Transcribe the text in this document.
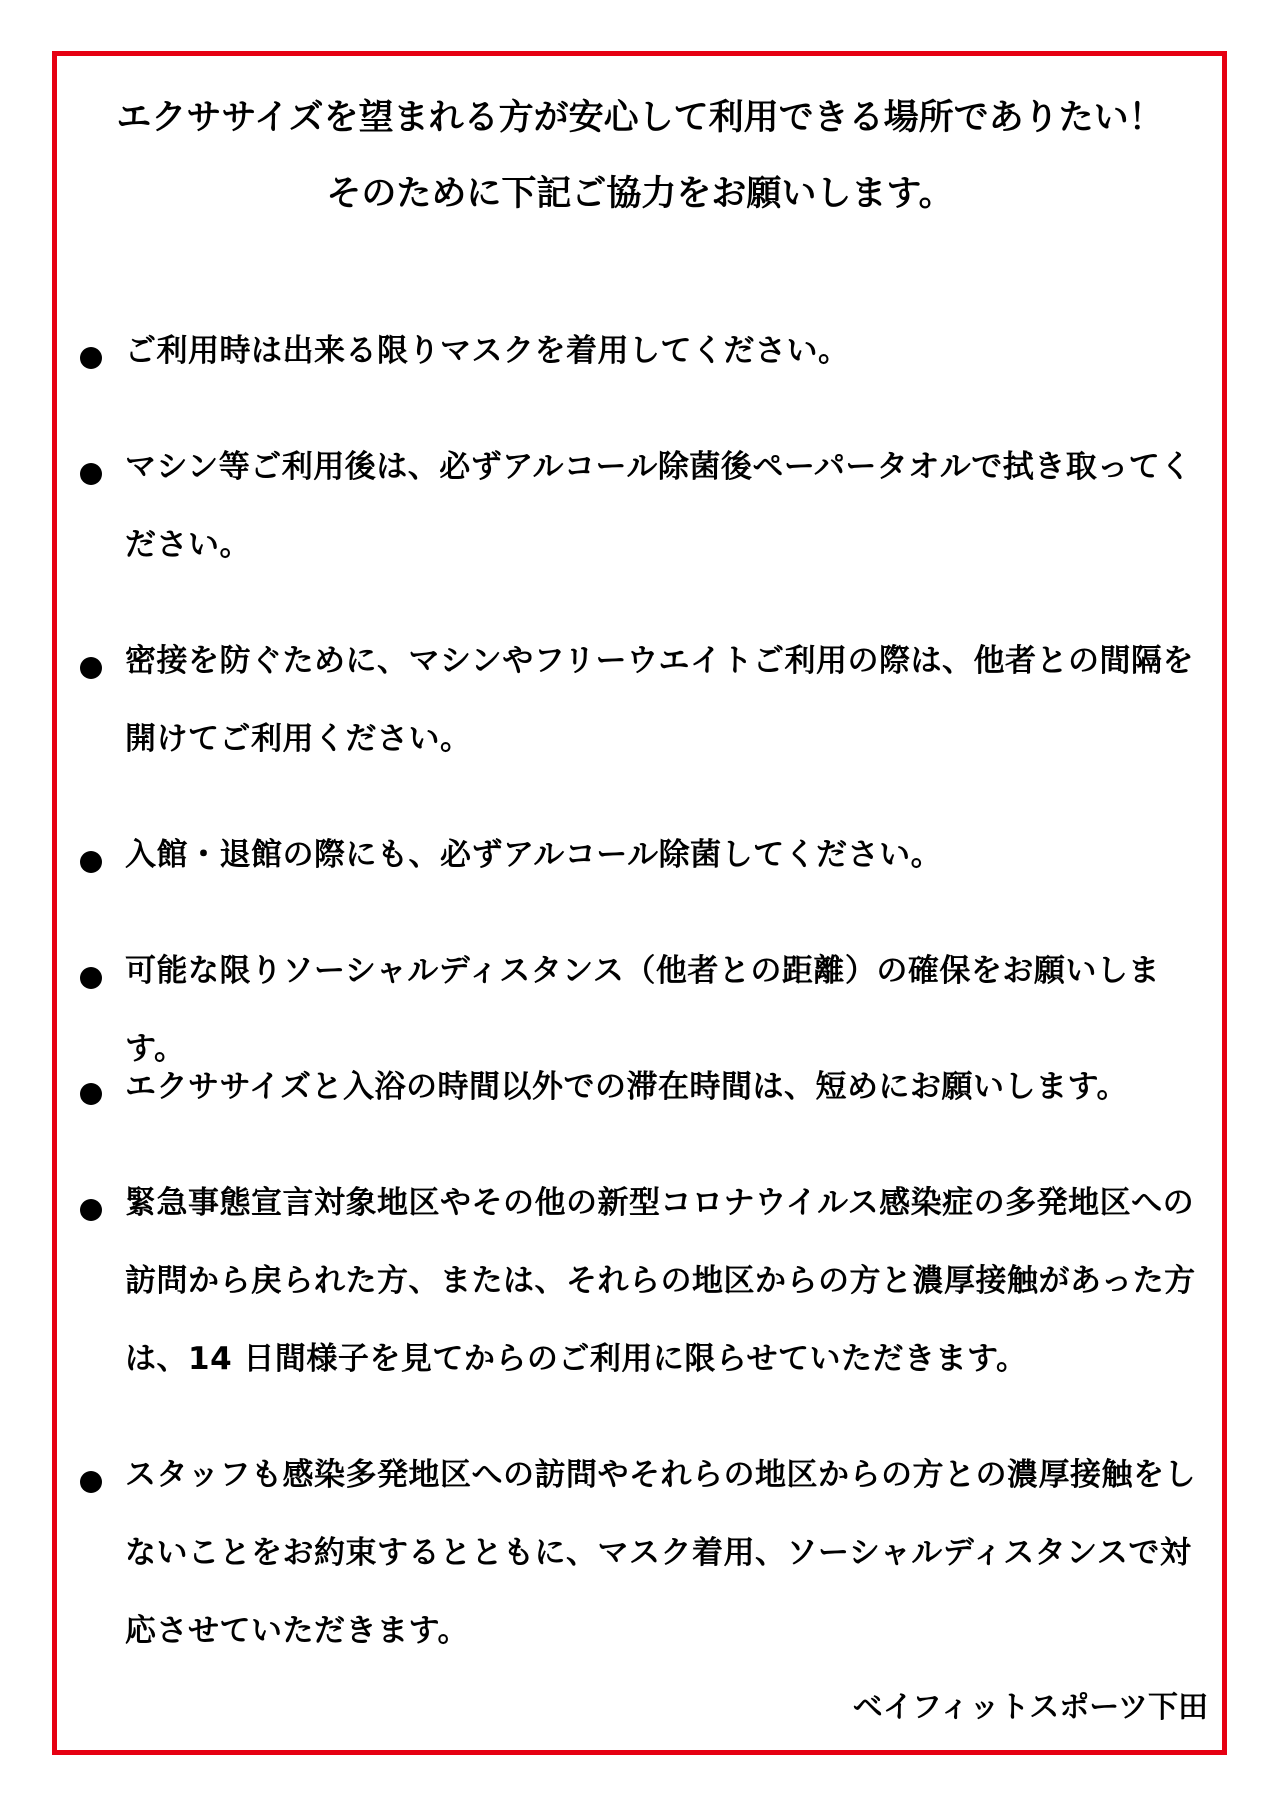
エクササイズを望まれる方が安心して利用できる場所でありたい！
そのために下記ご協力をお願いします。
ご利用時は出来る限りマスクを着用してください。
マシン等ご利用後は、必ずアルコール除菌後ペーパータオルで拭き取ってください。
密接を防ぐために、マシンやフリーウエイトご利用の際は、他者との間隔を開けてご利用ください。
入館・退館の際にも、必ずアルコール除菌してください。
可能な限りソーシャルディスタンス（他者との距離）の確保をお願いします。
エクササイズと入浴の時間以外での滞在時間は、短めにお願いします。
緊急事態宣言対象地区やその他の新型コロナウイルス感染症の多発地区への訪問から戻られた方、または、それらの地区からの方と濃厚接触があった方は、14 日間様子を見てからのご利用に限らせていただきます。
スタッフも感染多発地区への訪問やそれらの地区からの方との濃厚接触をしないことをお約束するとともに、マスク着用、ソーシャルディスタンスで対応させていただきます。
ベイフィットスポーツ下田
